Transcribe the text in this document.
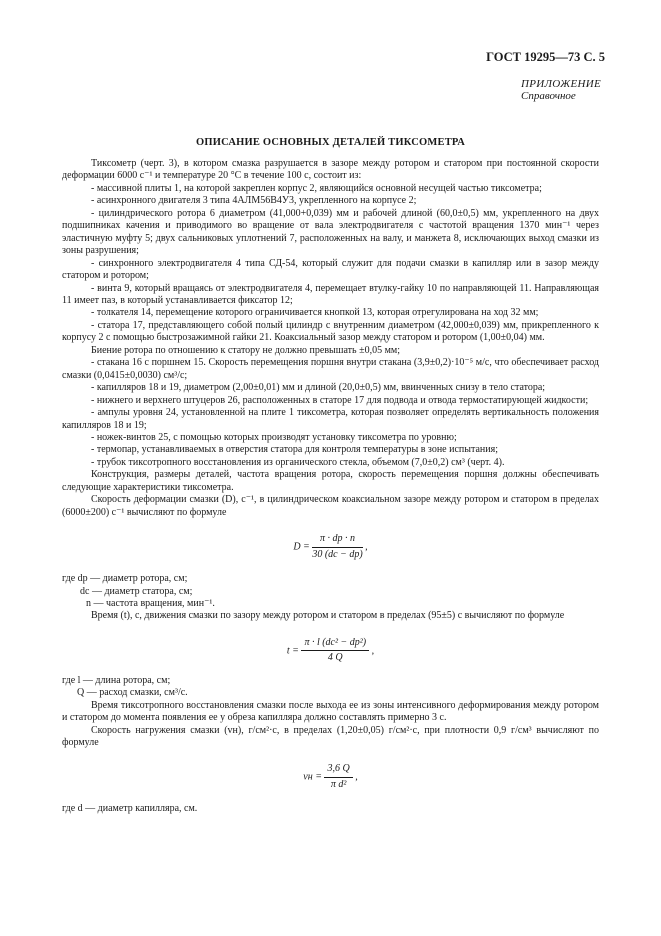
ГОСТ 19295—73 С. 5
ПРИЛОЖЕНИЕ
Справочное
ОПИСАНИЕ ОСНОВНЫХ ДЕТАЛЕЙ ТИКСОМЕТРА

Тиксометр (черт. 3), в котором смазка разрушается в зазоре между ротором и статором при постоянной скорости деформации 6000 с⁻¹ и температуре 20 °С в течение 100 с, состоит из:

- массивной плиты 1, на которой закреплен корпус 2, являющийся основной несущей частью тиксометра;

- асинхронного двигателя 3 типа 4АЛМ56В4У3, укрепленного на корпусе 2;

- цилиндрического ротора 6 диаметром (41,000+0,039) мм и рабочей длиной (60,0±0,5) мм, укрепленного на двух подшипниках качения и приводимого во вращение от вала электродвигателя с частотой вращения 1370 мин⁻¹ через эластичную муфту 5; двух сальниковых уплотнений 7, расположенных на валу, и манжета 8, исключающих выход смазки из зоны разрушения;

- синхронного электродвигателя 4 типа СД-54, который служит для подачи смазки в капилляр или в зазор между статором и ротором;

- винта 9, который вращаясь от электродвигателя 4, перемещает втулку-гайку 10 по направляющей 11. Направляющая 11 имеет паз, в который устанавливается фиксатор 12;

- толкателя 14, перемещение которого ограничивается кнопкой 13, которая отрегулирована на ход 32 мм;

- статора 17, представляющего собой полый цилиндр с внутренним диаметром (42,000±0,039) мм, прикрепленного к корпусу 2 с помощью быстрозажимной гайки 21. Коаксиальный зазор между статором и ротором (1,00±0,04) мм.

Биение ротора по отношению к статору не должно превышать ±0,05 мм;

- стакана 16 с поршнем 15. Скорость перемещения поршня внутри стакана (3,9±0,2)·10⁻⁵ м/с, что обеспечивает расход смазки (0,0415±0,0030) см³/с;

- капилляров 18 и 19, диаметром (2,00±0,01) мм и длиной (20,0±0,5) мм, ввинченных снизу в тело статора;

- нижнего и верхнего штуцеров 26, расположенных в статоре 17 для подвода и отвода термостатирующей жидкости;

- ампулы уровня 24, установленной на плите 1 тиксометра, которая позволяет определять вертикальность положения капилляров 18 и 19;

- ножек-винтов 25, с помощью которых производят установку тиксометра по уровню;

- термопар, устанавливаемых в отверстия статора для контроля температуры в зоне испытания;

- трубок тиксотропного восстановления из органического стекла, объемом (7,0±0,2) см³ (черт. 4).

Конструкция, размеры деталей, частота вращения ротора, скорость перемещения поршня должны обеспечивать следующие характеристики тиксометра.

Скорость деформации смазки (D), с⁻¹, в цилиндрическом коаксиальном зазоре между ротором и статором в пределах (6000±200) с⁻¹ вычисляют по формуле

$D = \frac{\pi \cdot dр \cdot n}{30 (dс - dр)}$ ,

где dр — диаметр ротора, см;

dс — диаметр статора, см;

n — частота вращения, мин⁻¹.

Время (t), с, движения смазки по зазору между ротором и статором в пределах (95±5) с вычисляют по формуле

$t = \frac{\text{π · l (dс² − dр²)}}{4 Q}$ ,

где l — длина ротора, см;

Q — расход смазки, см³/с.

Время тиксотропного восстановления смазки после выхода ее из зоны интенсивного деформирования между ротором и статором до момента появления ее у обреза капилляра должно составлять примерно 3 с.

Скорость нагружения смазки (vн), г/см²·с, в пределах (1,20±0,05) г/см²·с, при плотности 0,9 г/см³ вычисляют по формуле

vн = $\frac{3,6 Q}{\text{π d²}}$ ,

где d — диаметр капилляра, см.
